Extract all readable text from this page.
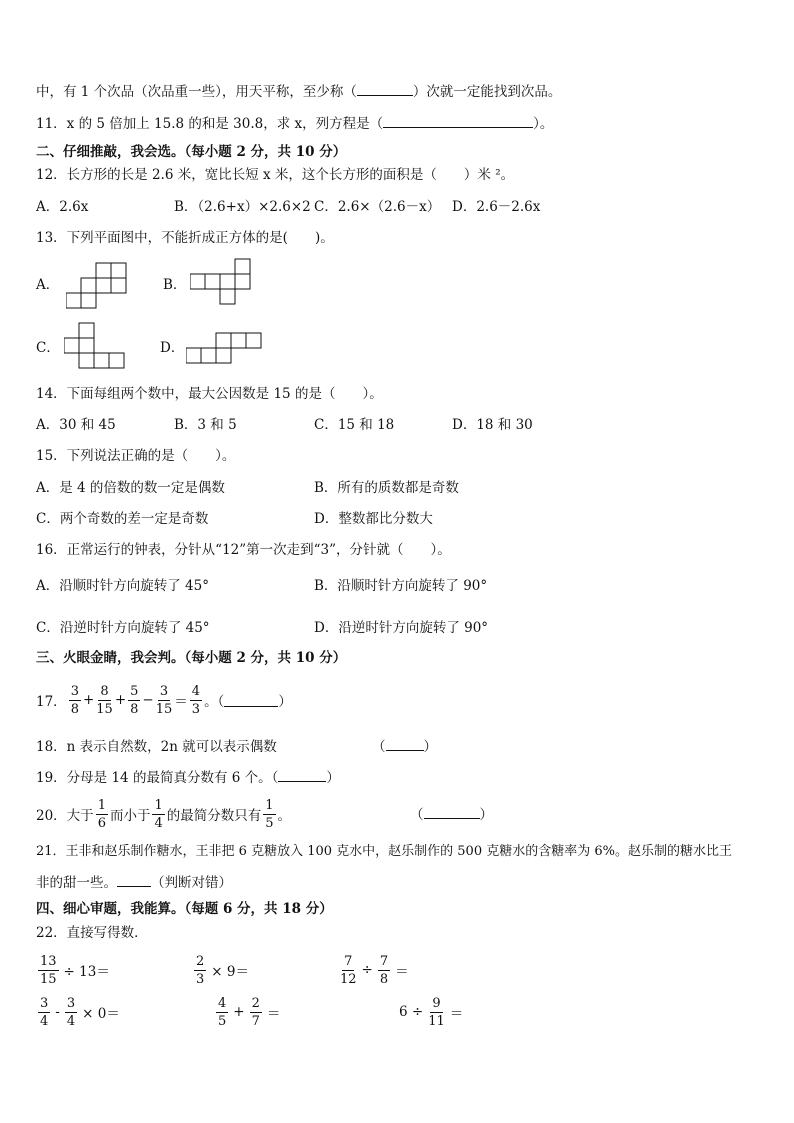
中，有 1 个次品（次品重一些），用天平称，至少称（	）次就一定能找到次品。
11．x 的 5 倍加上 15.8 的和是 30.8，求 x，列方程是（	）。
二、仔细推敲，我会选。（每小题 2 分，共 10 分）
12．长方形的长是 2.6 米，宽比长短 x 米，这个长方形的面积是（　　）米 ²。
A．2.6x	B．（2.6+x）×2.6×2 C．2.6×（2.6－x） D．2.6－2.6x
13．下列平面图中，不能折成正方体的是(　　)。
A．	B．
C．	D．
14．下面每组两个数中，最大公因数是 15 的是（　　）。
A．30 和 45	B．3 和 5	C．15 和 18	D．18 和 30
15．下列说法正确的是（　　）。
A．是 4 的倍数的数一定是偶数	B．所有的质数都是奇数
C．两个奇数的差一定是奇数	D．整数都比分数大
16．正常运行的钟表，分针从“12”第一次走到“3”，分针就（　　）。
A．沿顺时针方向旋转了 45°	B．沿顺时针方向旋转了 90°
C．沿逆时针方向旋转了 45°	D．沿逆时针方向旋转了 90°
三、火眼金睛，我会判。（每小题 2 分，共 10 分）
17． $\frac{3}{8} + \frac{8}{15} + \frac{5}{8} - \frac{3}{15} = \frac{4}{3}$ 。（	）
18．n 表示自然数，2n 就可以表示偶数	（	）
19．分母是 14 的最简真分数有 6 个。（	）
20．大于 $\frac{1}{6}$ 而小于 $\frac{1}{4}$ 的最简分数只有 $\frac{1}{5}$ 。	（	）
21．王非和赵乐制作糖水，王非把 6 克糖放入 100 克水中，赵乐制作的 500 克糖水的含糖率为 6%。赵乐制的糖水比王
非的甜一些。	（判断对错）
四、细心审题，我能算。（每题 6 分，共 18 分）
22．直接写得数．
$\frac{13}{15} \div 13=$	$\frac{2}{3} \times 9=$	$\frac{7}{12} \div \frac{7}{8}$ ＝
$\frac{3}{4} - \frac{3}{4} \times 0=$	$\frac{4}{5} + \frac{2}{7}$ ＝	$6 \div \frac{9}{11}$ ＝
